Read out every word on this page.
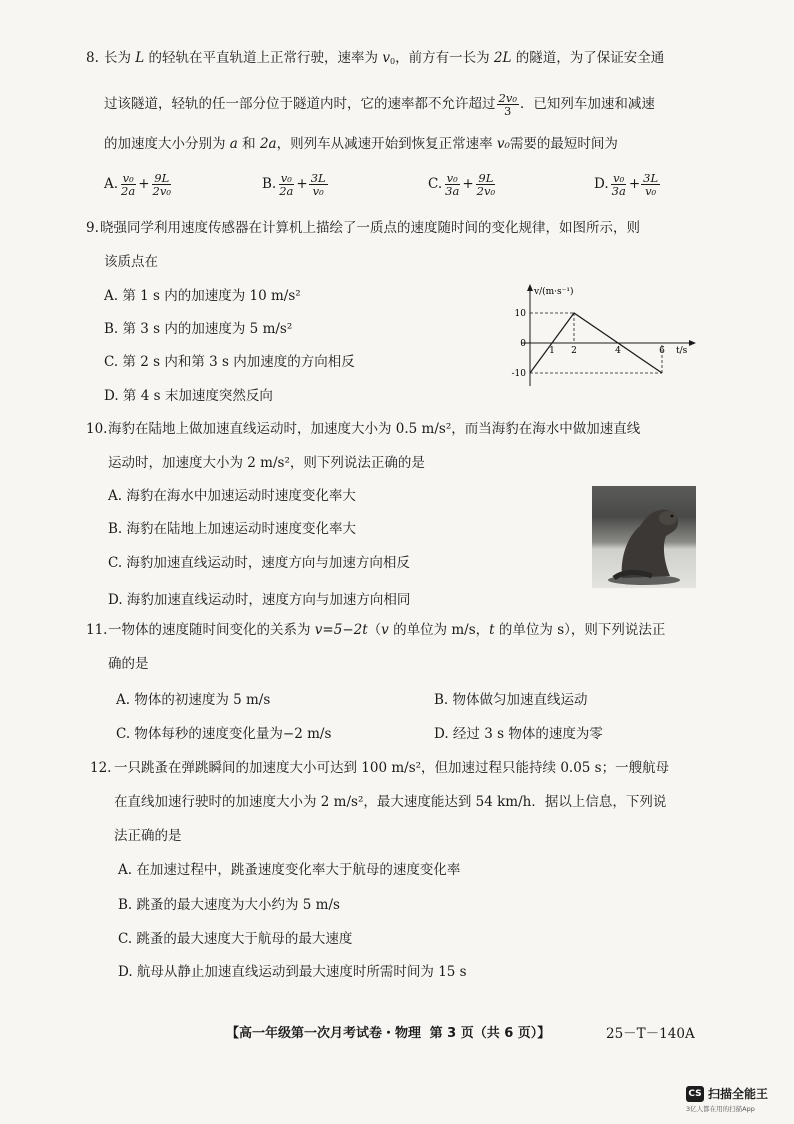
8. 长为 L 的轻轨在平直轨道上正常行驶，速率为 $v_0$，前方有一长为 2L 的隧道，为了保证安全通
过该隧道，轻轨的任一部分位于隧道内时，它的速率都不允许超过 $\frac{\text{2v₀}}{3}$ ．已知列车加速和减速
的加速度大小分别为 a 和 2a，则列车从减速开始到恢复正常速率 v₀需要的最短时间为
A. $\frac{\text{v₀}}{2a} + \frac{9L}{\text{2v₀}}$	B. $\frac{\text{v₀}}{2a} + \frac{3L}{\text{v₀}}$	C. $\frac{\text{v₀}}{3a} + \frac{9L}{\text{2v₀}}$	D. $\frac{\text{v₀}}{3a} + \frac{3L}{\text{v₀}}$
9. 晓强同学利用速度传感器在计算机上描绘了一质点的速度随时间的变化规律，如图所示，则
该质点在
A. 第 1 s 内的加速度为 10 m/s²
B. 第 3 s 内的加速度为 5 m/s²
C. 第 2 s 内和第 3 s 内加速度的方向相反
D. 第 4 s 末加速度突然反向
10
0
-10
1 2	4	6
v/(m·s⁻¹)
t/s
10. 海豹在陆地上做加速直线运动时，加速度大小为 0.5 m/s²，而当海豹在海水中做加速直线
运动时，加速度大小为 2 m/s²，则下列说法正确的是
A. 海豹在海水中加速运动时速度变化率大
B. 海豹在陆地上加速运动时速度变化率大
C. 海豹加速直线运动时，速度方向与加速方向相反
D. 海豹加速直线运动时，速度方向与加速方向相同
11. 一物体的速度随时间变化的关系为 v=5−2t（v 的单位为 m/s，t 的单位为 s），则下列说法正
确的是
A. 物体的初速度为 5 m/s	B. 物体做匀加速直线运动
C. 物体每秒的速度变化量为−2 m/s	D. 经过 3 s 物体的速度为零
12. 一只跳蚤在弹跳瞬间的加速度大小可达到 100 m/s²，但加速过程只能持续 0.05 s；一艘航母
在直线加速行驶时的加速度大小为 2 m/s²，最大速度能达到 54 km/h．据以上信息，下列说
法正确的是
A. 在加速过程中，跳蚤速度变化率大于航母的速度变化率
B. 跳蚤的最大速度为大小约为 5 m/s
C. 跳蚤的最大速度大于航母的最大速度
D. 航母从静止加速直线运动到最大速度时所需时间为 15 s
【高一年级第一次月考试卷・物理 第 3 页（共 6 页）】	25－T－140A
CS 扫描全能王
3亿人都在用的扫描App
